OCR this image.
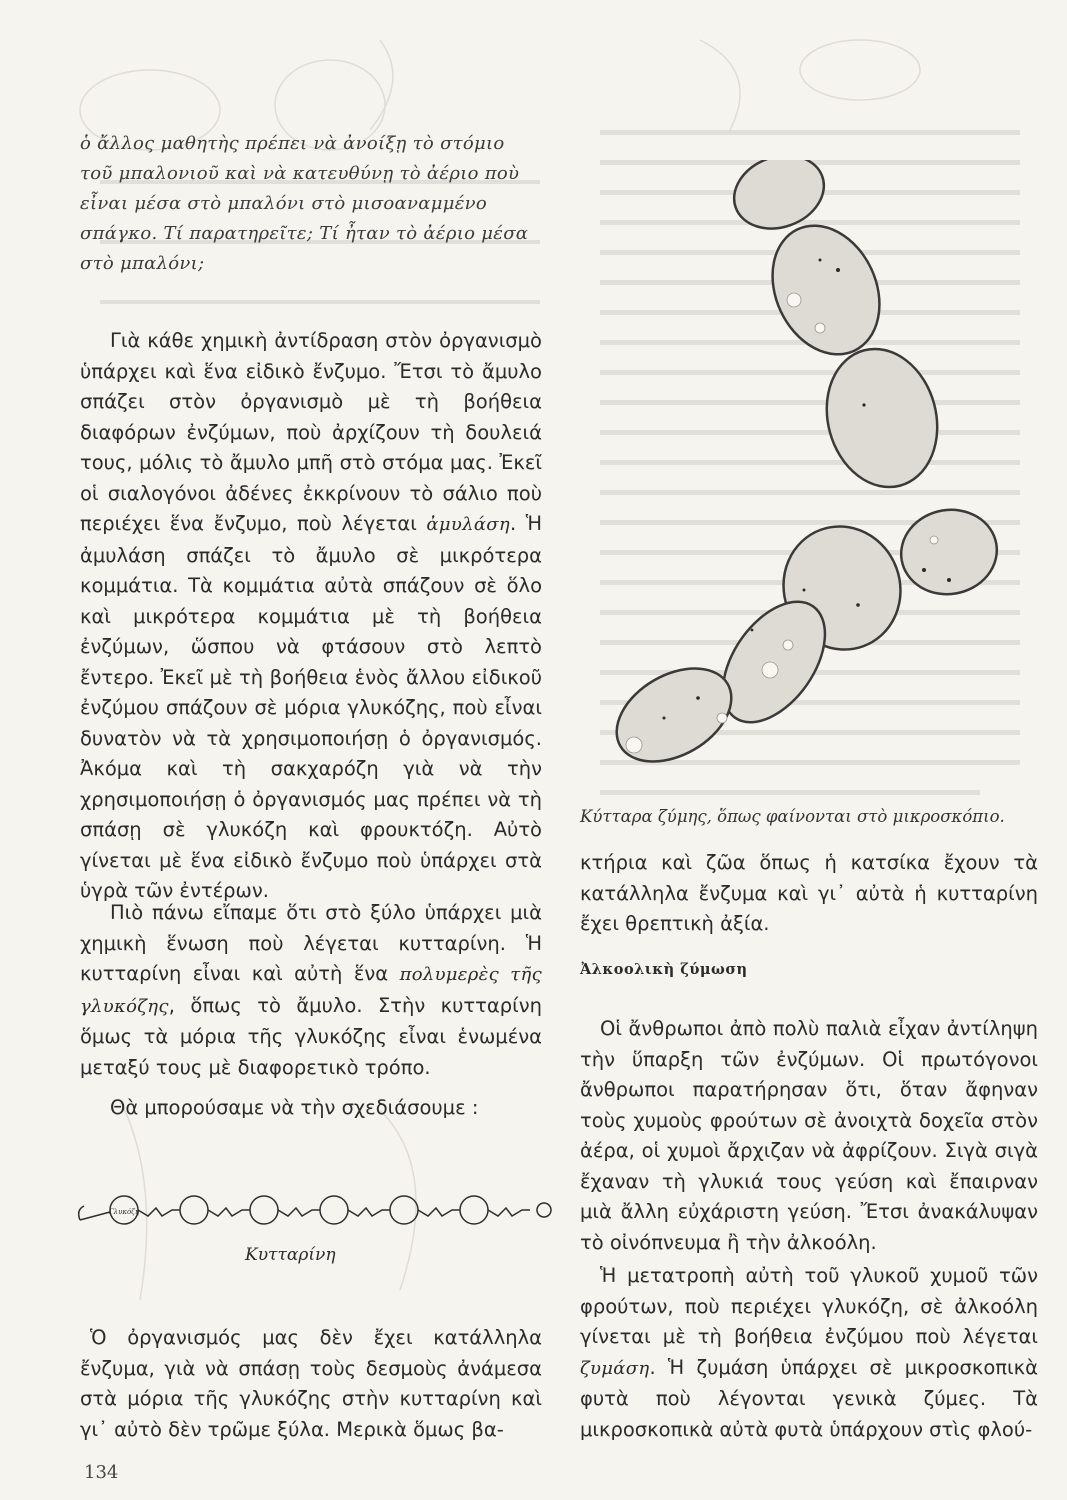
ὁ ἄλλος μαθητὴς πρέπει νὰ ἀνοίξῃ τὸ στόμιο τοῦ μπαλονιοῦ καὶ νὰ κατευθύνῃ τὸ ἀέριο ποὺ εἶναι μέσα στὸ μπαλόνι στὸ μισοαναμμένο σπάγκο. Τί παρατηρεῖτε; Τί ἦταν τὸ ἀέριο μέσα στὸ μπαλόνι;

Γιὰ κάθε χημικὴ ἀντίδραση στὸν ὀργανισμὸ ὑπάρχει καὶ ἕνα εἰδικὸ ἔνζυμο. Ἔτσι τὸ ἄμυλο σπάζει στὸν ὀργανισμὸ μὲ τὴ βοήθεια διαφόρων ἐνζύμων, ποὺ ἀρχίζουν τὴ δουλειά τους, μόλις τὸ ἄμυλο μπῆ στὸ στόμα μας. Ἐκεῖ οἱ σιαλογόνοι ἀδένες ἐκκρίνουν τὸ σάλιο ποὺ περιέχει ἕνα ἔνζυμο, ποὺ λέγεται ἀμυλάση. Ἡ ἀμυλάση σπάζει τὸ ἄμυλο σὲ μικρότερα κομμάτια. Τὰ κομμάτια αὐτὰ σπάζουν σὲ ὅλο καὶ μικρότερα κομμάτια μὲ τὴ βοήθεια ἐνζύμων, ὥσπου νὰ φτάσουν στὸ λεπτὸ ἔντερο. Ἐκεῖ μὲ τὴ βοήθεια ἑνὸς ἄλλου εἰδικοῦ ἐνζύμου σπάζουν σὲ μόρια γλυκόζης, ποὺ εἶναι δυνατὸν νὰ τὰ χρησιμοποιήσῃ ὁ ὀργανισμός. Ἀκόμα καὶ τὴ σακχαρόζη γιὰ νὰ τὴν χρησιμοποιήσῃ ὁ ὀργανισμός μας πρέπει νὰ τὴ σπάσῃ σὲ γλυκόζη καὶ φρουκτόζη. Αὐτὸ γίνεται μὲ ἕνα εἰδικὸ ἔνζυμο ποὺ ὑπάρχει στὰ ὑγρὰ τῶν ἐντέρων.

Πιὸ πάνω εἴπαμε ὅτι στὸ ξύλο ὑπάρχει μιὰ χημικὴ ἕνωση ποὺ λέγεται κυτταρίνη. Ἡ κυτταρίνη εἶναι καὶ αὐτὴ ἕνα πολυμερὲς τῆς γλυκόζης, ὅπως τὸ ἄμυλο. Στὴν κυτταρίνη ὅμως τὰ μόρια τῆς γλυκόζης εἶναι ἑνωμένα μεταξύ τους μὲ διαφορετικὸ τρόπο.

Θὰ μπορούσαμε νὰ τὴν σχεδιάσουμε :

Γλυκόζη
Κυτταρίνη

Ὁ ὀργανισμός μας δὲν ἔχει κατάλληλα ἔνζυμα, γιὰ νὰ σπάσῃ τοὺς δεσμοὺς ἀνάμεσα στὰ μόρια τῆς γλυκόζης στὴν κυτταρίνη καὶ γι᾽ αὐτὸ δὲν τρῶμε ξύλα. Μερικὰ ὅμως βα-

Κύτταρα ζύμης, ὅπως φαίνονται στὸ μικροσκόπιο.

κτήρια καὶ ζῶα ὅπως ἡ κατσίκα ἔχουν τὰ κατάλληλα ἔνζυμα καὶ γι᾽ αὐτὰ ἡ κυτταρίνη ἔχει θρεπτικὴ ἀξία.

Ἀλκοολικὴ ζύμωση

Οἱ ἄνθρωποι ἀπὸ πολὺ παλιὰ εἶχαν ἀντίληψη τὴν ὕπαρξη τῶν ἐνζύμων. Οἱ πρωτόγονοι ἄνθρωποι παρατήρησαν ὅτι, ὅταν ἄφηναν τοὺς χυμοὺς φρούτων σὲ ἀνοιχτὰ δοχεῖα στὸν ἀέρα, οἱ χυμοὶ ἄρχιζαν νὰ ἀφρίζουν. Σιγὰ σιγὰ ἔχαναν τὴ γλυκιά τους γεύση καὶ ἔπαιρναν μιὰ ἄλλη εὐχάριστη γεύση. Ἔτσι ἀνακάλυψαν τὸ οἰνόπνευμα ἢ τὴν ἀλκοόλη.

Ἡ μετατροπὴ αὐτὴ τοῦ γλυκοῦ χυμοῦ τῶν φρούτων, ποὺ περιέχει γλυκόζη, σὲ ἀλκοόλη γίνεται μὲ τὴ βοήθεια ἐνζύμου ποὺ λέγεται ζυμάση. Ἡ ζυμάση ὑπάρχει σὲ μικροσκοπικὰ φυτὰ ποὺ λέγονται γενικὰ ζύμες. Τὰ μικροσκοπικὰ αὐτὰ φυτὰ ὑπάρχουν στὶς φλού-

134
